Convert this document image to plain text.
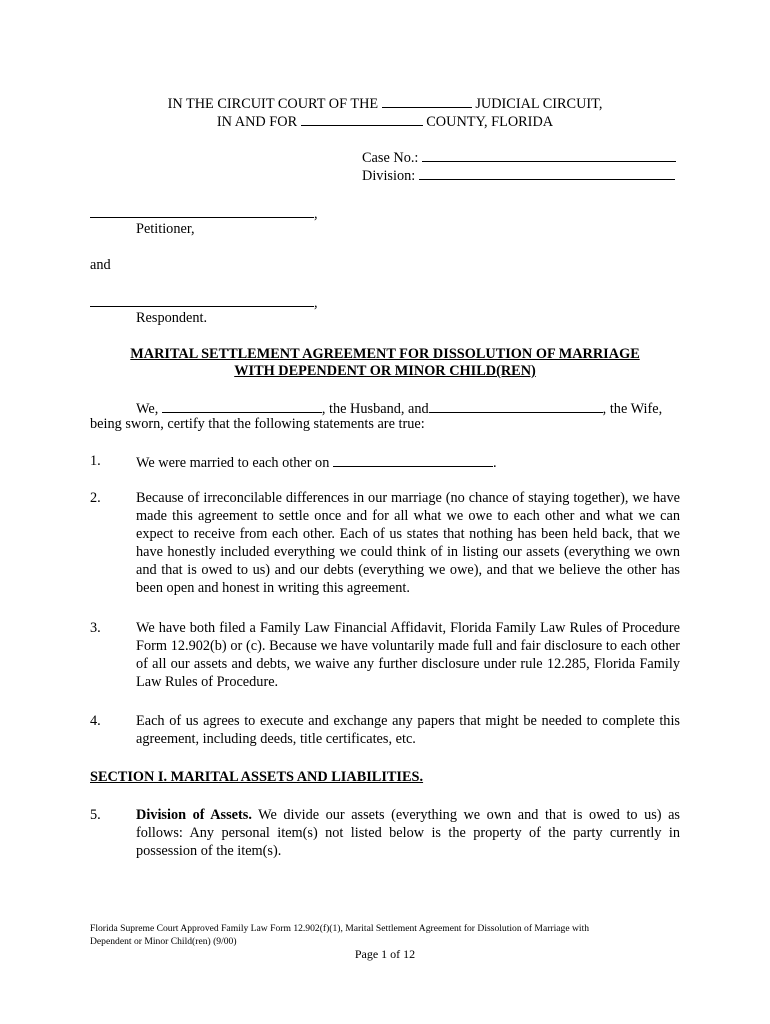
IN THE CIRCUIT COURT OF THE	JUDICIAL CIRCUIT,
IN AND FOR	COUNTY, FLORIDA
Case No.:
Division:
,
Petitioner,
and
,
Respondent.
MARITAL SETTLEMENT AGREEMENT FOR DISSOLUTION OF MARRIAGE
WITH DEPENDENT OR MINOR CHILD(REN)
We,	, the Husband, and	, the Wife,
being sworn, certify that the following statements are true:
1. We were married to each other on	.
2. Because of irreconcilable differences in our marriage (no chance of staying together), we have made this agreement to settle once and for all what we owe to each other and what we can expect to receive from each other. Each of us states that nothing has been held back, that we have honestly included everything we could think of in listing our assets (everything we own and that is owed to us) and our debts (everything we owe), and that we believe the other has been open and honest in writing this agreement.
3. We have both filed a Family Law Financial Affidavit, Florida Family Law Rules of Procedure Form 12.902(b) or (c). Because we have voluntarily made full and fair disclosure to each other of all our assets and debts, we waive any further disclosure under rule 12.285, Florida Family Law Rules of Procedure.
4. Each of us agrees to execute and exchange any papers that might be needed to complete this agreement, including deeds, title certificates, etc.
SECTION I. MARITAL ASSETS AND LIABILITIES.
5. Division of Assets. We divide our assets (everything we own and that is owed to us) as follows: Any personal item(s) not listed below is the property of the party currently in possession of the item(s).
Florida Supreme Court Approved Family Law Form 12.902(f)(1), Marital Settlement Agreement for Dissolution of Marriage with
Dependent or Minor Child(ren) (9/00)
Page 1 of 12
